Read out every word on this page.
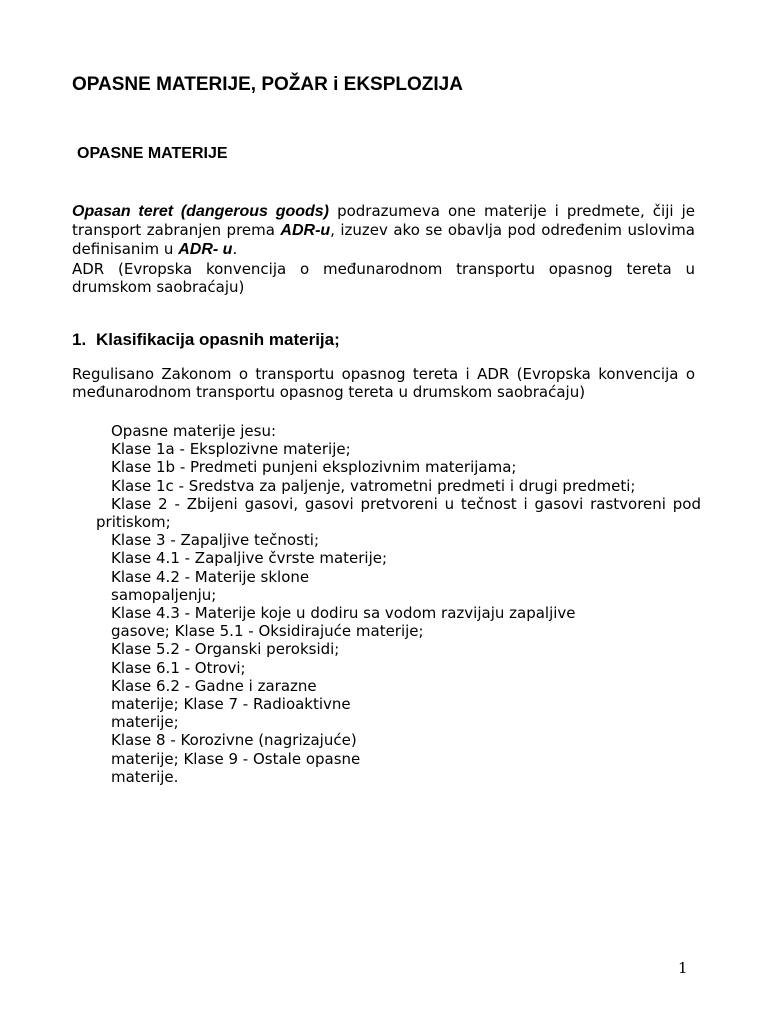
OPASNE MATERIJE, POŽAR i EKSPLOZIJA
OPASNE MATERIJE

Opasan teret (dangerous goods) podrazumeva one materije i predmete, čiji je transport zabranjen prema ADR-u, izuzev ako se obavlja pod određenim uslovima definisanim u ADR- u.
ADR (Evropska konvencija o međunarodnom transportu opasnog tereta u drumskom saobraćaju)

1. Klasifikacija opasnih materija;

Regulisano Zakonom o transportu opasnog tereta i ADR (Evropska konvencija o međunarodnom transportu opasnog tereta u drumskom saobraćaju)

Opasne materije jesu:
Klase 1a - Eksplozivne materije;
Klase 1b - Predmeti punjeni eksplozivnim materijama;
Klase 1c - Sredstva za paljenje, vatrometni predmeti i drugi predmeti;
Klase 2 - Zbijeni gasovi, gasovi pretvoreni u tečnost i gasovi rastvoreni pod pritiskom;
Klase 3 - Zapaljive tečnosti;
Klase 4.1 - Zapaljive čvrste materije;
Klase 4.2 - Materije sklone
samopaljenju;
Klase 4.3 - Materije koje u dodiru sa vodom razvijaju zapaljive
gasove; Klase 5.1 - Oksidirajuće materije;
Klase 5.2 - Organski peroksidi;
Klase 6.1 - Otrovi;
Klase 6.2 - Gadne i zarazne
materije; Klase 7 - Radioaktivne
materije;
Klase 8 - Korozivne (nagrizajuće)
materije; Klase 9 - Ostale opasne
materije.
1
